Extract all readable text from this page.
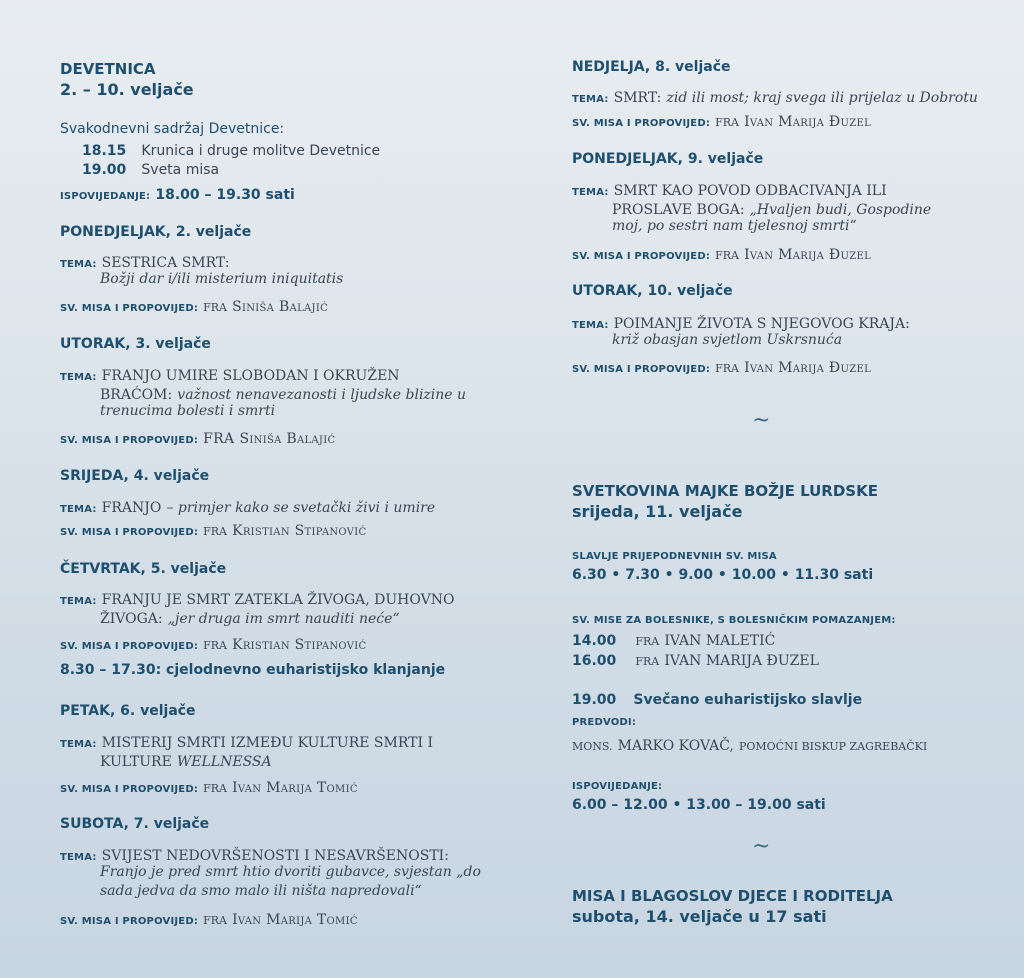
DEVETNICA
2. – 10. veljače
Svakodnevni sadržaj Devetnice:
18.15 Krunica i druge molitve Devetnice
19.00 Sveta misa
ISPOVIJEDANJE: 18.00 – 19.30 sati
PONEDJELJAK, 2. veljače
TEMA: SESTRICA SMRT:
Božji dar i/ili misterium iniquitatis
SV. MISA I PROPOVIJED: FRA Siniša Balajić
UTORAK, 3. veljače
TEMA: FRANJO UMIRE SLOBODAN I OKRUŽEN
BRAĆOM: važnost nenavezanosti i ljudske blizine u
trenucima bolesti i smrti
SV. MISA I PROPOVIJED: FRA Siniša Balajić
SRIJEDA, 4. veljače
TEMA: FRANJO – primjer kako se svetački živi i umire
SV. MISA I PROPOVIJED: FRA Kristian Stipanović
ČETVRTAK, 5. veljače
TEMA: FRANJU JE SMRT ZATEKLA ŽIVOGA, DUHOVNO
ŽIVOGA: „jer druga im smrt nauditi neće“
SV. MISA I PROPOVIJED: FRA Kristian Stipanović
8.30 – 17.30: cjelodnevno euharistijsko klanjanje
PETAK, 6. veljače
TEMA: MISTERIJ SMRTI IZMEĐU KULTURE SMRTI I
KULTURE WELLNESSA
SV. MISA I PROPOVIJED: FRA Ivan Marija Tomić
SUBOTA, 7. veljače
TEMA: SVIJEST NEDOVRŠENOSTI I NESAVRŠENOSTI:
Franjo je pred smrt htio dvoriti gubavce, svjestan „do
sada jedva da smo malo ili ništa napredovali“
SV. MISA I PROPOVIJED: FRA Ivan Marija Tomić
NEDJELJA, 8. veljače
TEMA: SMRT: zid ili most; kraj svega ili prijelaz u Dobrotu
SV. MISA I PROPOVIJED: FRA Ivan Marija Đuzel
PONEDJELJAK, 9. veljače
TEMA: SMRT KAO POVOD ODBACIVANJA ILI
PROSLAVE BOGA: „Hvaljen budi, Gospodine
moj, po sestri nam tjelesnoj smrti“
SV. MISA I PROPOVIJED: FRA Ivan Marija Đuzel
UTORAK, 10. veljače
TEMA: POIMANJE ŽIVOTA S NJEGOVOG KRAJA:
križ obasjan svjetlom Uskrsnuća
SV. MISA I PROPOVIJED: FRA Ivan Marija Đuzel
~
SVETKOVINA MAJKE BOŽJE LURDSKE
srijeda, 11. veljače
SLAVLJE PRIJEPODNEVNIH SV. MISA
6.30 • 7.30 • 9.00 • 10.00 • 11.30 sati
SV. MISE ZA BOLESNIKE, S BOLESNIČKIM POMAZANJEM:
14.00 FRA IVAN MALETIĆ
16.00 FRA IVAN MARIJA ĐUZEL
19.00 Svečano euharistijsko slavlje
PREDVODI:
MONS. MARKO KOVAČ, POMOĆNI BISKUP ZAGREBAČKI
ISPOVIJEDANJE:
6.00 – 12.00 • 13.00 – 19.00 sati
~
MISA I BLAGOSLOV DJECE I RODITELJA
subota, 14. veljače u 17 sati
